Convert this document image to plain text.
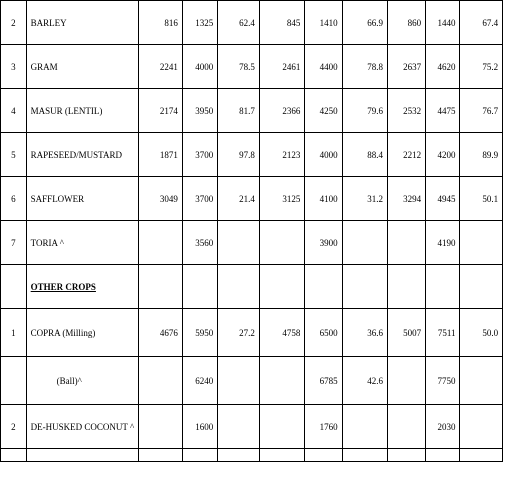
2	BARLEY	816	1325	62.4	845	1410	66.9	860	1440	67.4	
3	GRAM	2241	4000	78.5	2461	4400	78.8	2637	4620	75.2	
4	MASUR (LENTIL)	2174	3950	81.7	2366	4250	79.6	2532	4475	76.7	
5	RAPESEED/MUSTARD	1871	3700	97.8	2123	4000	88.4	2212	4200	89.9	
6	SAFFLOWER	3049	3700	21.4	3125	4100	31.2	3294	4945	50.1	
7	TORIA ^		3560			3900			4190		
	OTHER CROPS										
1	COPRA (Milling)	4676	5950	27.2	4758	6500	36.6	5007	7511	50.0	
	(Ball)^		6240			6785	42.6		7750		
2	DE-HUSKED COCONUT ^		1600			1760			2030		
